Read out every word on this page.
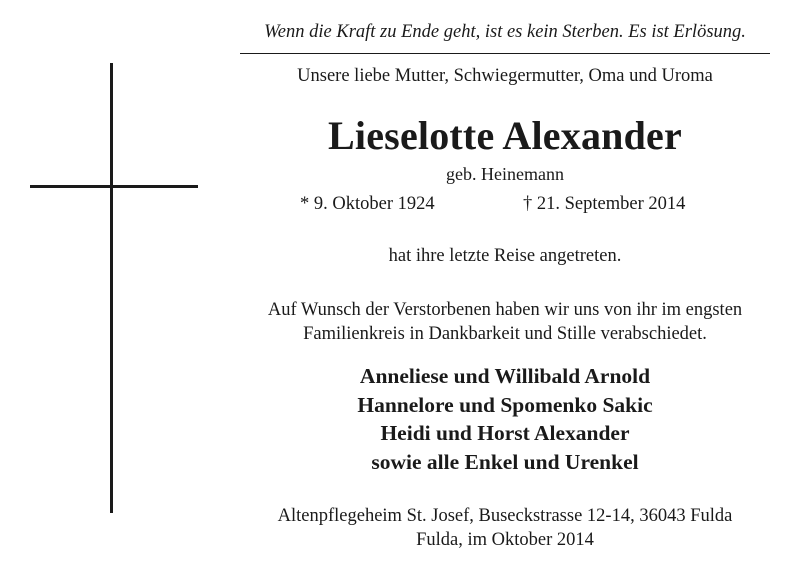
Wenn die Kraft zu Ende geht, ist es kein Sterben. Es ist Erlösung.
Unsere liebe Mutter, Schwiegermutter, Oma und Uroma
Lieselotte Alexander
geb. Heinemann
* 9. Oktober 1924	† 21. September 2014
hat ihre letzte Reise angetreten.
Auf Wunsch der Verstorbenen haben wir uns von ihr im engsten
Familienkreis in Dankbarkeit und Stille verabschiedet.
Anneliese und Willibald Arnold
Hannelore und Spomenko Sakic
Heidi und Horst Alexander
sowie alle Enkel und Urenkel
Altenpflegeheim St. Josef, Buseckstrasse 12-14, 36043 Fulda
Fulda, im Oktober 2014
